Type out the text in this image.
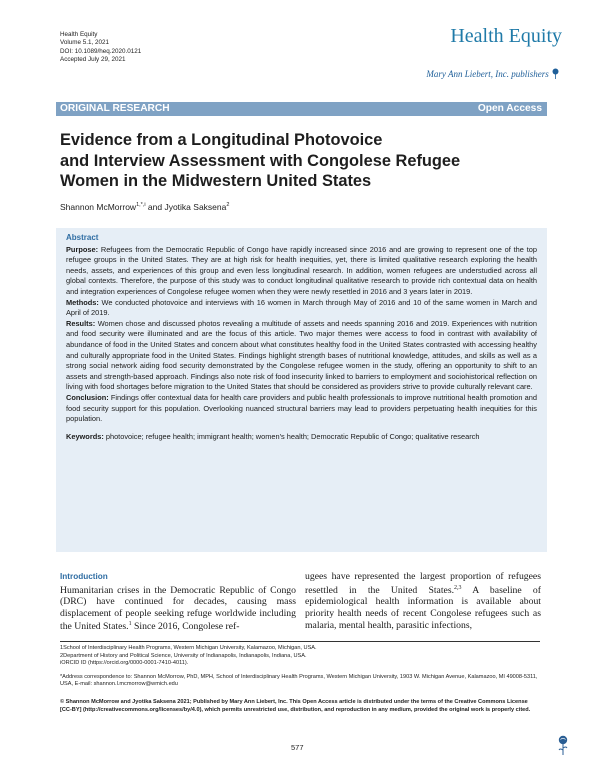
Health Equity
Volume 5.1, 2021
DOI: 10.1089/heq.2020.0121
Accepted July 29, 2021
Health Equity
Mary Ann Liebert, Inc. publishers
ORIGINAL RESEARCH	Open Access
Evidence from a Longitudinal Photovoice
and Interview Assessment with Congolese Refugee
Women in the Midwestern United States
Shannon McMorrow$^{1,*,i}$ and Jyotika Saksena$^2$
Abstract

Purpose: Refugees from the Democratic Republic of Congo have rapidly increased since 2016 and are growing to represent one of the top refugee groups in the United States. They are at high risk for health inequities, yet, there is limited qualitative research exploring the health needs, assets, and experiences of this group and even less longitudinal research. In addition, women refugees are understudied across all global contexts. Therefore, the purpose of this study was to conduct longitudinal qualitative research to provide rich contextual data on health and integration experiences of Congolese refugee women when they were newly resettled in 2016 and 3 years later in 2019.

Methods: We conducted photovoice and interviews with 16 women in March through May of 2016 and 10 of the same women in March and April of 2019.

Results: Women chose and discussed photos revealing a multitude of assets and needs spanning 2016 and 2019. Experiences with nutrition and food security were illuminated and are the focus of this article. Two major themes were access to food in contrast with availability of abundance of food in the United States and concern about what constitutes healthy food in the United States contrasted with accessing healthy and culturally appropriate food in the United States. Findings highlight strength bases of nutritional knowledge, attitudes, and skills as well as a strong social network aiding food security demonstrated by the Congolese refugee women in the study, offering an opportunity to shift to an assets and strength-based approach. Findings also note risk of food insecurity linked to barriers to employment and sociohistorical reflection on living with food shortages before migration to the United States that should be considered as providers strive to provide culturally relevant care.

Conclusion: Findings offer contextual data for health care providers and public health professionals to improve nutritional health promotion and food security support for this population. Overlooking nuanced structural barriers may lead to providers perpetuating health inequities for this population.

Keywords: photovoice; refugee health; immigrant health; women's health; Democratic Republic of Congo; qualitative research

Introduction
Humanitarian crises in the Democratic Republic of Congo (DRC) have continued for decades, causing mass displacement of people seeking refuge worldwide including the United States.$^1$ Since 2016, Congolese ref-
ugees have represented the largest proportion of refugees resettled in the United States.$^{2,3}$ A baseline of epidemiological health information is available about priority health needs of recent Congolese refugees such as malaria, mental health, parasitic infections,

1School of Interdisciplinary Health Programs, Western Michigan University, Kalamazoo, Michigan, USA.

2Department of History and Political Science, University of Indianapolis, Indianapolis, Indiana, USA.

iORCID ID (https://orcid.org/0000-0001-7410-4011).

*Address correspondence to: Shannon McMorrow, PhD, MPH, School of Interdisciplinary Health Programs, Western Michigan University, 1903 W. Michigan Avenue, Kalamazoo, MI 49008-5311, USA, E-mail: shannon.l.mcmorrow@wmich.edu

© Shannon McMorrow and Jyotika Saksena 2021; Published by Mary Ann Liebert, Inc. This Open Access article is distributed under the terms of the Creative Commons License [CC-BY] (http://creativecommons.org/licenses/by/4.0), which permits unrestricted use, distribution, and reproduction in any medium, provided the original work is properly cited.
577
